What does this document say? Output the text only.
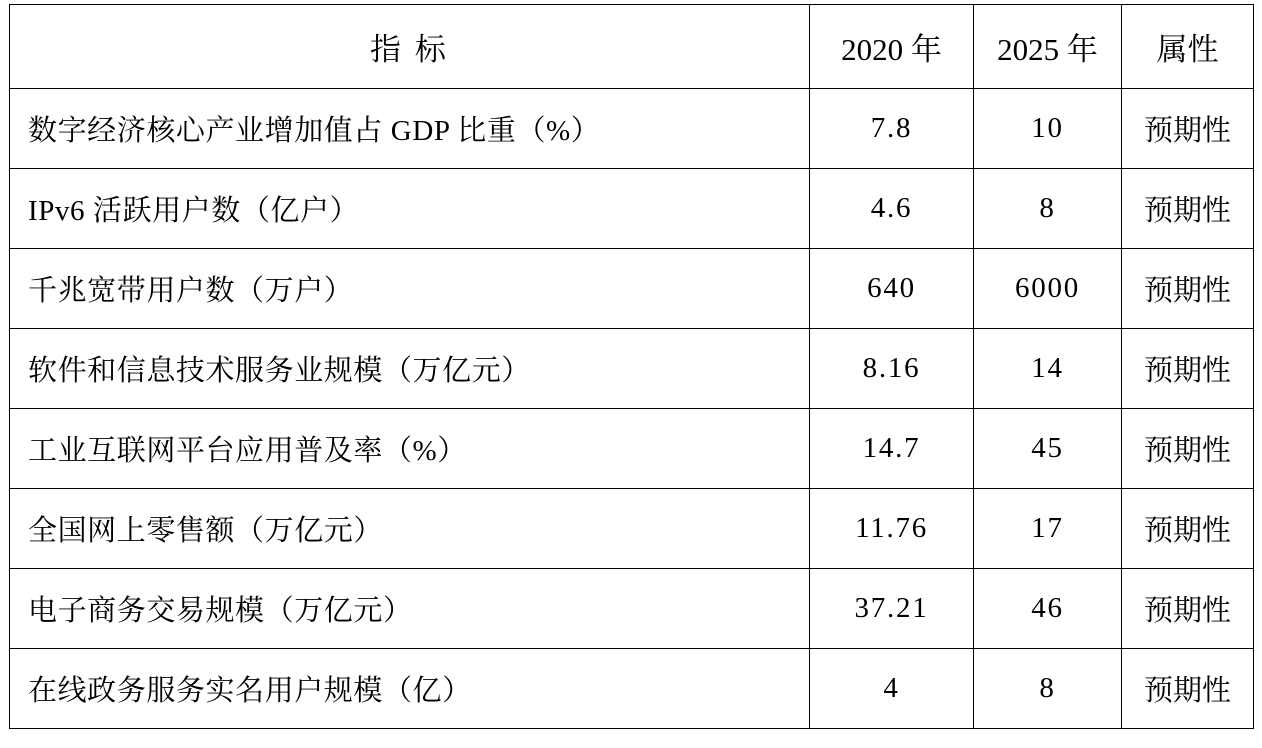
指 标	2020 年	2025 年	属性
数字经济核心产业增加值占 GDP 比重（%）	7.8	10	预期性
IPv6 活跃用户数（亿户）	4.6	8	预期性
千兆宽带用户数（万户）	640	6000	预期性
软件和信息技术服务业规模（万亿元）	8.16	14	预期性
工业互联网平台应用普及率（%）	14.7	45	预期性
全国网上零售额（万亿元）	11.76	17	预期性
电子商务交易规模（万亿元）	37.21	46	预期性
在线政务服务实名用户规模（亿）	4	8	预期性
